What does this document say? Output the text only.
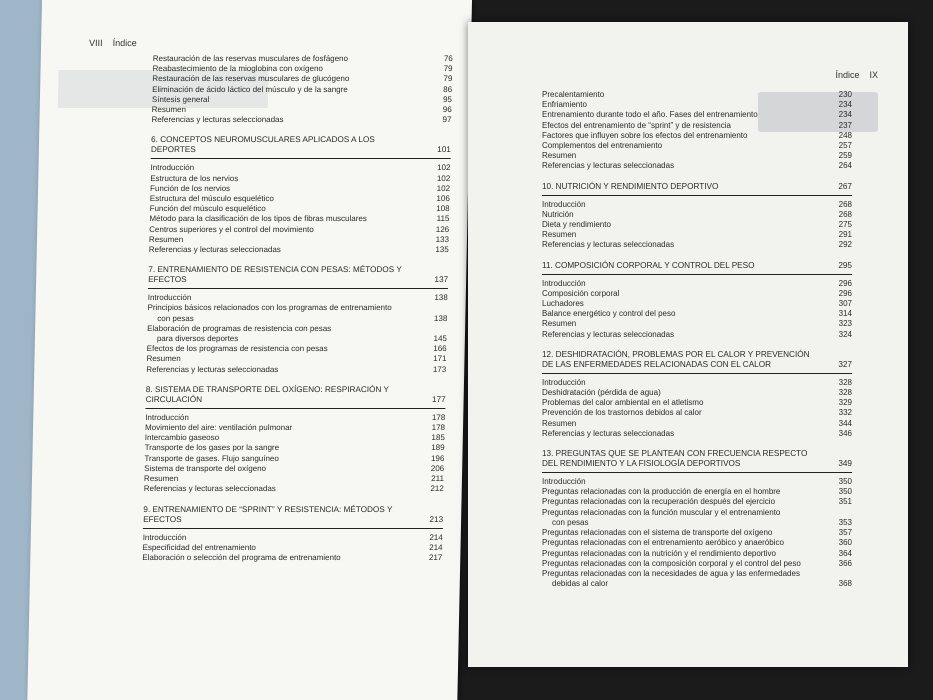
VIII Índice
Restauración de las reservas musculares de fosfágeno	76
Reabastecimiento de la mioglobina con oxígeno	79
Restauración de las reservas musculares de glucógeno	79
Eliminación de ácido láctico del músculo y de la sangre	86
Síntesis general	95
Resumen	96
Referencias y lecturas seleccionadas	97
6. CONCEPTOS NEUROMUSCULARES APLICADOS A LOS DEPORTES	101
Introducción	102
Estructura de los nervios	102
Función de los nervios	102
Estructura del músculo esquelético	106
Función del músculo esquelético	108
Método para la clasificación de los tipos de fibras musculares	115
Centros superiores y el control del movimiento	126
Resumen	133
Referencias y lecturas seleccionadas	135
7. ENTRENAMIENTO DE RESISTENCIA CON PESAS: MÉTODOS Y EFECTOS	137
Introducción	138
Principios básicos relacionados con los programas de entrenamiento
con pesas	138
Elaboración de programas de resistencia con pesas
para diversos deportes	145
Efectos de los programas de resistencia con pesas	166
Resumen	171
Referencias y lecturas seleccionadas	173
8. SISTEMA DE TRANSPORTE DEL OXÍGENO: RESPIRACIÓN Y CIRCULACIÓN	177
Introducción	178
Movimiento del aire: ventilación pulmonar	178
Intercambio gaseoso	185
Transporte de los gases por la sangre	189
Transporte de gases. Flujo sanguíneo	196
Sistema de transporte del oxígeno	206
Resumen	211
Referencias y lecturas seleccionadas	212
9. ENTRENAMIENTO DE “SPRINT” Y RESISTENCIA: MÉTODOS Y EFECTOS	213
Introducción	214
Especificidad del entrenamiento	214
Elaboración o selección del programa de entrenamiento	217
Índice IX
Precalentamiento	230
Enfriamiento	234
Entrenamiento durante todo el año. Fases del entrenamiento	234
Efectos del entrenamiento de “sprint” y de resistencia	237
Factores que influyen sobre los efectos del entrenamiento	248
Complementos del entrenamiento	257
Resumen	259
Referencias y lecturas seleccionadas	264
10. NUTRICIÓN Y RENDIMIENTO DEPORTIVO	267
Introducción	268
Nutrición	268
Dieta y rendimiento	275
Resumen	291
Referencias y lecturas seleccionadas	292
11. COMPOSICIÓN CORPORAL Y CONTROL DEL PESO	295
Introducción	296
Composición corporal	296
Luchadores	307
Balance energético y control del peso	314
Resumen	323
Referencias y lecturas seleccionadas	324
12. DESHIDRATACIÓN, PROBLEMAS POR EL CALOR Y PREVENCIÓN DE LAS ENFERMEDADES RELACIONADAS CON EL CALOR	327
Introducción	328
Deshidratación (pérdida de agua)	328
Problemas del calor ambiental en el atletismo	329
Prevención de los trastornos debidos al calor	332
Resumen	344
Referencias y lecturas seleccionadas	346
13. PREGUNTAS QUE SE PLANTEAN CON FRECUENCIA RESPECTO DEL RENDIMIENTO Y LA FISIOLOGÍA DEPORTIVOS	349
Introducción	350
Preguntas relacionadas con la producción de energía en el hombre	350
Preguntas relacionadas con la recuperación después del ejercicio	351
Preguntas relacionadas con la función muscular y el entrenamiento
con pesas	353
Preguntas relacionadas con el sistema de transporte del oxígeno	357
Preguntas relacionadas con el entrenamiento aeróbico y anaeróbico	360
Preguntas relacionadas con la nutrición y el rendimiento deportivo	364
Preguntas relacionadas con la composición corporal y el control del peso	366
Preguntas relacionadas con la necesidades de agua y las enfermedades
debidas al calor	368
